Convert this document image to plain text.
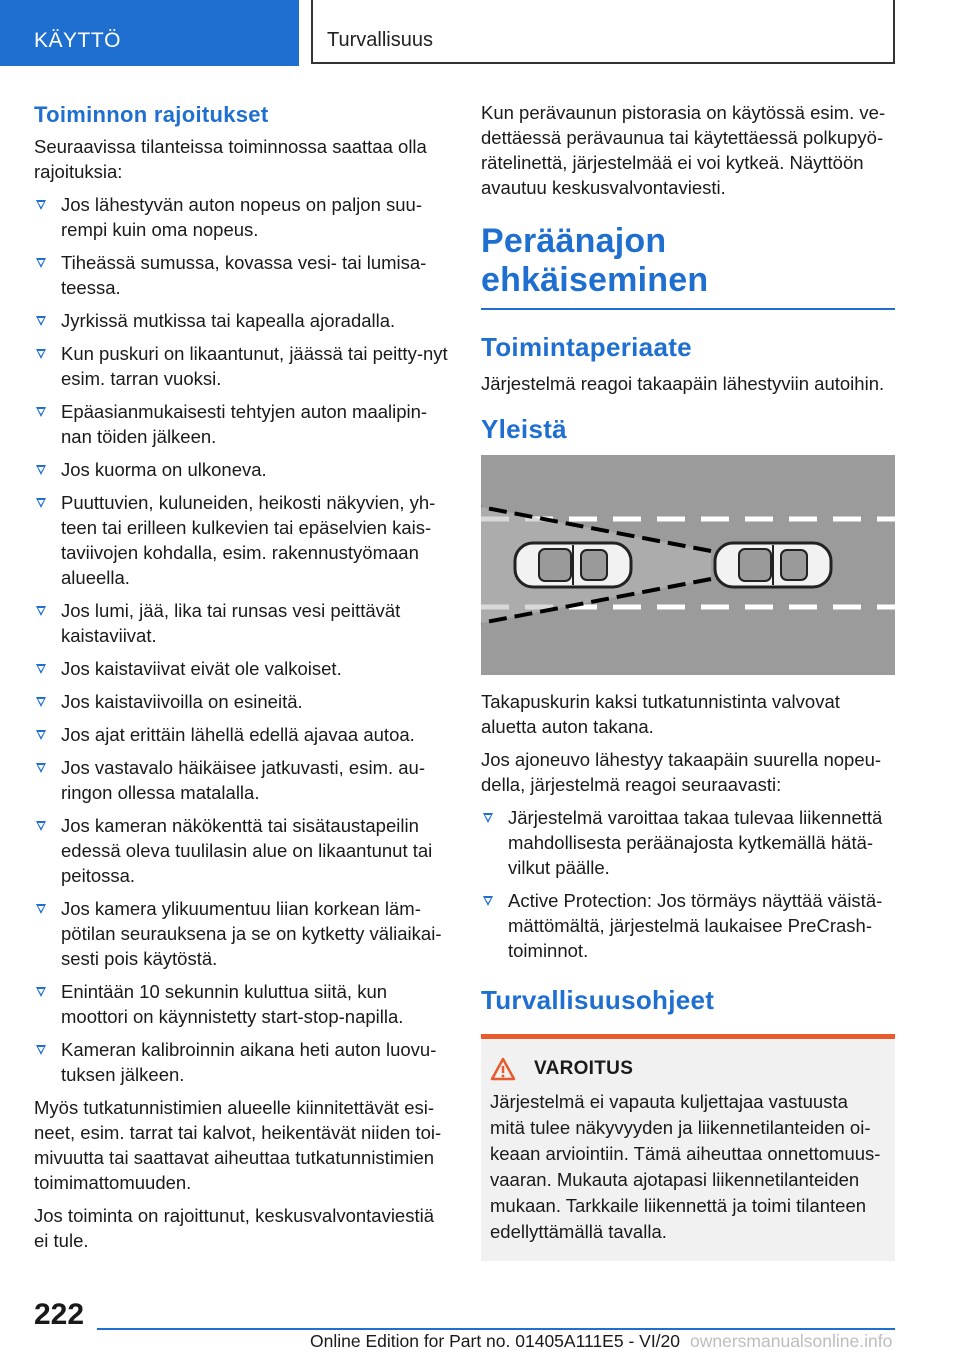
KÄYTTÖ	Turvallisuus
Toiminnon rajoitukset

Seuraavissa tilanteissa toiminnossa saattaa olla rajoituksia:

Jos lähestyvän auton nopeus on paljon suu-rempi kuin oma nopeus.
Tiheässä sumussa, kovassa vesi- tai lumisa-teessa.
Jyrkissä mutkissa tai kapealla ajoradalla.
Kun puskuri on likaantunut, jäässä tai peitty-nyt esim. tarran vuoksi.
Epäasianmukaisesti tehtyjen auton maalipin-nan töiden jälkeen.
Jos kuorma on ulkoneva.
Puuttuvien, kuluneiden, heikosti näkyvien, yh-teen tai erilleen kulkevien tai epäselvien kais-taviivojen kohdalla, esim. rakennustyömaan alueella.
Jos lumi, jää, lika tai runsas vesi peittävät kaistaviivat.
Jos kaistaviivat eivät ole valkoiset.
Jos kaistaviivoilla on esineitä.
Jos ajat erittäin lähellä edellä ajavaa autoa.
Jos vastavalo häikäisee jatkuvasti, esim. au-ringon ollessa matalalla.
Jos kameran näkökenttä tai sisätaustapeilin edessä oleva tuulilasin alue on likaantunut tai peitossa.
Jos kamera ylikuumentuu liian korkean läm-pötilan seurauksena ja se on kytketty väliaikai-sesti pois käytöstä.
Enintään 10 sekunnin kuluttua siitä, kun moottori on käynnistetty start-stop-napilla.
Kameran kalibroinnin aikana heti auton luovu-tuksen jälkeen.

Myös tutkatunnistimien alueelle kiinnitettävät esi-neet, esim. tarrat tai kalvot, heikentävät niiden toi-mivuutta tai saattavat aiheuttaa tutkatunnistimien toimimattomuuden.

Jos toiminta on rajoittunut, keskusvalvontaviestiä ei tule.

Kun perävaunun pistorasia on käytössä esim. ve-dettäessä perävaunua tai käytettäessä polkupyö-rätelinettä, järjestelmää ei voi kytkeä. Näyttöön avautuu keskusvalvontaviesti.

Peräänajon ehkäiseminen
Toimintaperiaate

Järjestelmä reagoi takaapäin lähestyviin autoihin.

Yleistä

Takapuskurin kaksi tutkatunnistinta valvovat aluetta auton takana.

Jos ajoneuvo lähestyy takaapäin suurella nopeu-della, järjestelmä reagoi seuraavasti:

Järjestelmä varoittaa takaa tulevaa liikennettä mahdollisesta peräänajosta kytkemällä hätä-vilkut päälle.
Active Protection: Jos törmäys näyttää väistä-mättömältä, järjestelmä laukaisee PreCrash-toiminnot.
Turvallisuusohjeet
VAROITUS

Järjestelmä ei vapauta kuljettajaa vastuusta mitä tulee näkyvyyden ja liikennetilanteiden oi-keaan arviointiin. Tämä aiheuttaa onnettomuus-vaaran. Mukauta ajotapasi liikennetilanteiden mukaan. Tarkkaile liikennettä ja toimi tilanteen edellyttämällä tavalla.

222
Online Edition for Part no. 01405A111E5 - VI/20 ownersmanualsonline.info
